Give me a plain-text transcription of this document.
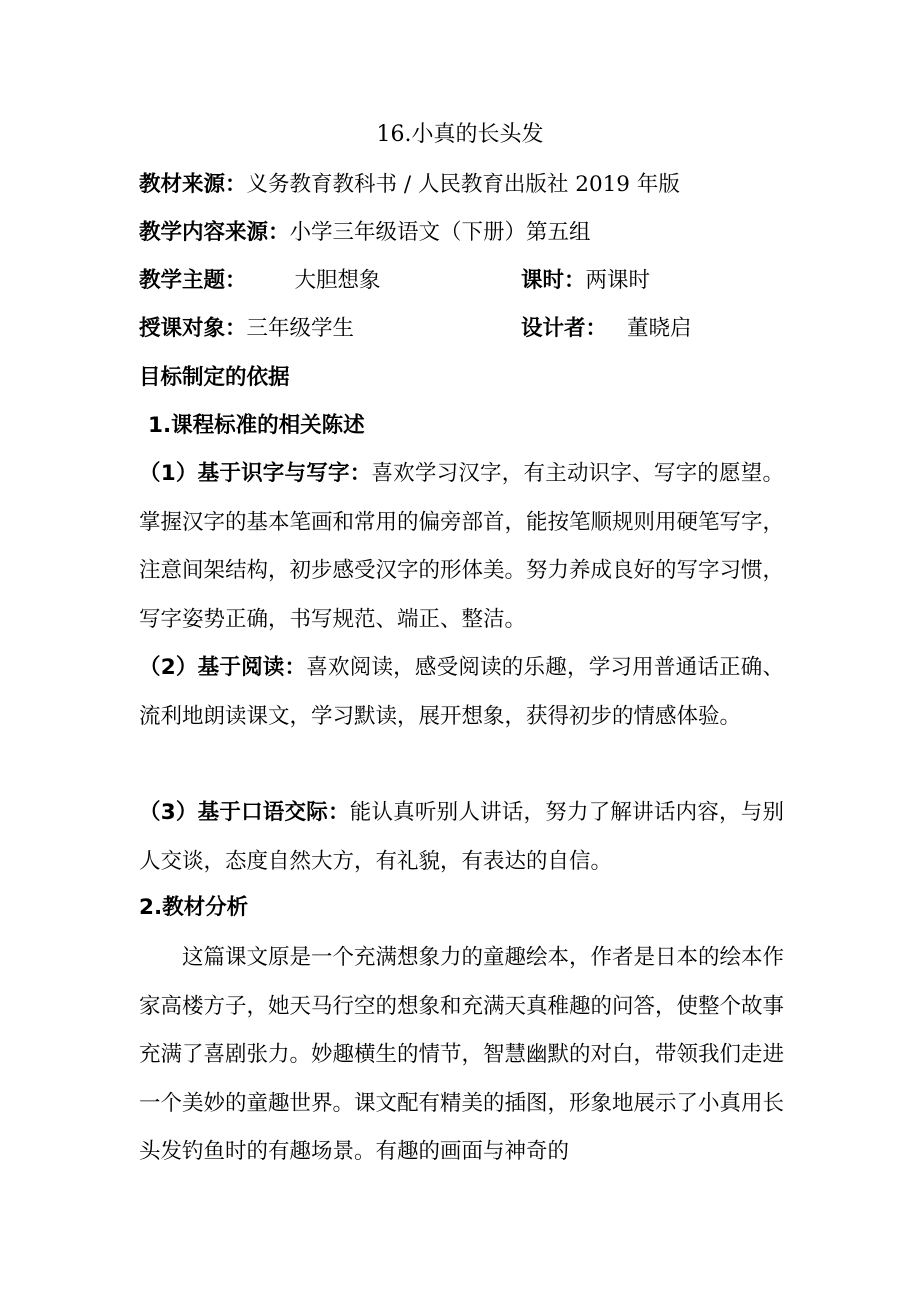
16.小真的长头发
教材来源：义务教育教科书 / 人民教育出版社 2019 年版
教学内容来源：小学三年级语文（下册）第五组
教学主题： 大胆想象	课时：两课时
授课对象：三年级学生	设计者： 董晓启
目标制定的依据
1.课程标准的相关陈述
（1）基于识字与写字：喜欢学习汉字，有主动识字、写字的愿望。掌握汉字的基本笔画和常用的偏旁部首，能按笔顺规则用硬笔写字，注意间架结构，初步感受汉字的形体美。努力养成良好的写字习惯，写字姿势正确，书写规范、端正、整洁。
（2）基于阅读：喜欢阅读，感受阅读的乐趣，学习用普通话正确、流利地朗读课文，学习默读，展开想象，获得初步的情感体验。
（3）基于口语交际：能认真听别人讲话，努力了解讲话内容，与别人交谈，态度自然大方，有礼貌，有表达的自信。
2.教材分析
这篇课文原是一个充满想象力的童趣绘本，作者是日本的绘本作家高楼方子，她天马行空的想象和充满天真稚趣的问答，使整个故事充满了喜剧张力。妙趣横生的情节，智慧幽默的对白，带领我们走进一个美妙的童趣世界。课文配有精美的插图，形象地展示了小真用长头发钓鱼时的有趣场景。有趣的画面与神奇的
